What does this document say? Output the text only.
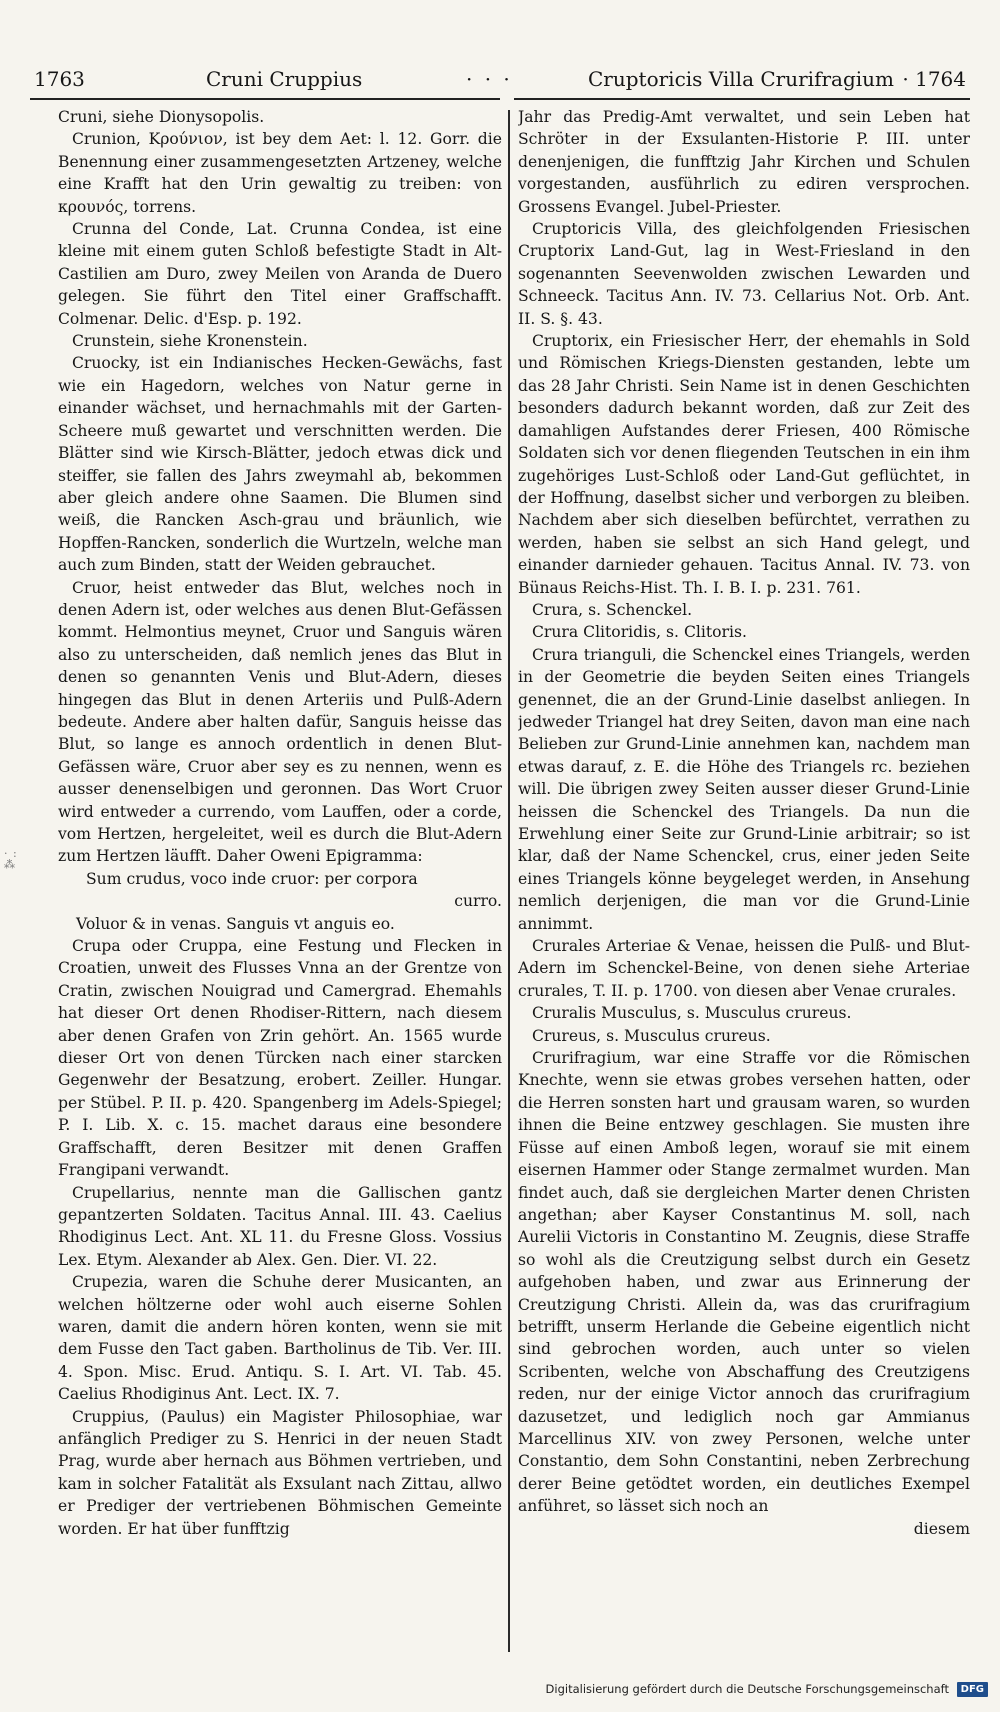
1763	Cruni Cruppius	· · ·	Cruptoricis Villa Crurifragium · 1764
· :
⁂

Cruni, siehe Dionysopolis.

Crunion, Κρούνιον, ist bey dem Aet: l. 12. Gorr. die Benennung einer zusammengesetzten Artzeney, welche eine Krafft hat den Urin gewaltig zu treiben: von κρουνός, torrens.

Crunna del Conde, Lat. Crunna Condea, ist eine kleine mit einem guten Schloß befestigte Stadt in Alt-Castilien am Duro, zwey Meilen von Aranda de Duero gelegen. Sie führt den Titel einer Graffschafft. Colmenar. Delic. d'Esp. p. 192.

Crunstein, siehe Kronenstein.

Cruocky, ist ein Indianisches Hecken-Gewächs, fast wie ein Hagedorn, welches von Natur gerne in einander wächset, und hernachmahls mit der Garten-Scheere muß gewartet und verschnitten werden. Die Blätter sind wie Kirsch-Blätter, jedoch etwas dick und steiffer, sie fallen des Jahrs zweymahl ab, bekommen aber gleich andere ohne Saamen. Die Blumen sind weiß, die Rancken Asch-grau und bräunlich, wie Hopffen-Rancken, sonderlich die Wurtzeln, welche man auch zum Binden, statt der Weiden gebrauchet.

Cruor, heist entweder das Blut, welches noch in denen Adern ist, oder welches aus denen Blut-Gefässen kommt. Helmontius meynet, Cruor und Sanguis wären also zu unterscheiden, daß nemlich jenes das Blut in denen so genannten Venis und Blut-Adern, dieses hingegen das Blut in denen Arteriis und Pulß-Adern bedeute. Andere aber halten dafür, Sanguis heisse das Blut, so lange es annoch ordentlich in denen Blut-Gefässen wäre, Cruor aber sey es zu nennen, wenn es ausser denenselbigen und geronnen. Das Wort Cruor wird entweder a currendo, vom Lauffen, oder a corde, vom Hertzen, hergeleitet, weil es durch die Blut-Adern zum Hertzen läufft. Daher Oweni Epigramma:

Sum crudus, voco inde cruor: per corpora

curro.

Voluor & in venas. Sanguis vt anguis eo.

Crupa oder Cruppa, eine Festung und Flecken in Croatien, unweit des Flusses Vnna an der Grentze von Cratin, zwischen Nouigrad und Camergrad. Ehemahls hat dieser Ort denen Rhodiser-Rittern, nach diesem aber denen Grafen von Zrin gehört. An. 1565 wurde dieser Ort von denen Türcken nach einer starcken Gegenwehr der Besatzung, erobert. Zeiller. Hungar. per Stübel. P. II. p. 420. Spangenberg im Adels-Spiegel; P. I. Lib. X. c. 15. machet daraus eine besondere Graffschafft, deren Besitzer mit denen Graffen Frangipani verwandt.

Crupellarius, nennte man die Gallischen gantz gepantzerten Soldaten. Tacitus Annal. III. 43. Caelius Rhodiginus Lect. Ant. XL 11. du Fresne Gloss. Vossius Lex. Etym. Alexander ab Alex. Gen. Dier. VI. 22.

Crupezia, waren die Schuhe derer Musicanten, an welchen höltzerne oder wohl auch eiserne Sohlen waren, damit die andern hören konten, wenn sie mit dem Fusse den Tact gaben. Bartholinus de Tib. Ver. III. 4. Spon. Misc. Erud. Antiqu. S. I. Art. VI. Tab. 45. Caelius Rhodiginus Ant. Lect. IX. 7.

Cruppius, (Paulus) ein Magister Philosophiae, war anfänglich Prediger zu S. Henrici in der neuen Stadt Prag, wurde aber hernach aus Böhmen vertrieben, und kam in solcher Fatalität als Exsulant nach Zittau, allwo er Prediger der vertriebenen Böhmischen Gemeinte worden. Er hat über funfftzig

Jahr das Predig-Amt verwaltet, und sein Leben hat Schröter in der Exsulanten-Historie P. III. unter denenjenigen, die funfftzig Jahr Kirchen und Schulen vorgestanden, ausführlich zu ediren versprochen. Grossens Evangel. Jubel-Priester.

Cruptoricis Villa, des gleichfolgenden Friesischen Cruptorix Land-Gut, lag in West-Friesland in den sogenannten Seevenwolden zwischen Lewarden und Schneeck. Tacitus Ann. IV. 73. Cellarius Not. Orb. Ant. II. S. §. 43.

Cruptorix, ein Friesischer Herr, der ehemahls in Sold und Römischen Kriegs-Diensten gestanden, lebte um das 28 Jahr Christi. Sein Name ist in denen Geschichten besonders dadurch bekannt worden, daß zur Zeit des damahligen Aufstandes derer Friesen, 400 Römische Soldaten sich vor denen fliegenden Teutschen in ein ihm zugehöriges Lust-Schloß oder Land-Gut geflüchtet, in der Hoffnung, daselbst sicher und verborgen zu bleiben. Nachdem aber sich dieselben befürchtet, verrathen zu werden, haben sie selbst an sich Hand gelegt, und einander darnieder gehauen. Tacitus Annal. IV. 73. von Bünaus Reichs-Hist. Th. I. B. I. p. 231. 761.

Crura, s. Schenckel.

Crura Clitoridis, s. Clitoris.

Crura trianguli, die Schenckel eines Triangels, werden in der Geometrie die beyden Seiten eines Triangels genennet, die an der Grund-Linie daselbst anliegen. In jedweder Triangel hat drey Seiten, davon man eine nach Belieben zur Grund-Linie annehmen kan, nachdem man etwas darauf, z. E. die Höhe des Triangels rc. beziehen will. Die übrigen zwey Seiten ausser dieser Grund-Linie heissen die Schenckel des Triangels. Da nun die Erwehlung einer Seite zur Grund-Linie arbitrair; so ist klar, daß der Name Schenckel, crus, einer jeden Seite eines Triangels könne beygeleget werden, in Ansehung nemlich derjenigen, die man vor die Grund-Linie annimmt.

Crurales Arteriae & Venae, heissen die Pulß- und Blut-Adern im Schenckel-Beine, von denen siehe Arteriae crurales, T. II. p. 1700. von diesen aber Venae crurales.

Cruralis Musculus, s. Musculus crureus.

Crureus, s. Musculus crureus.

Crurifragium, war eine Straffe vor die Römischen Knechte, wenn sie etwas grobes versehen hatten, oder die Herren sonsten hart und grausam waren, so wurden ihnen die Beine entzwey geschlagen. Sie musten ihre Füsse auf einen Amboß legen, worauf sie mit einem eisernen Hammer oder Stange zermalmet wurden. Man findet auch, daß sie dergleichen Marter denen Christen angethan; aber Kayser Constantinus M. soll, nach Aurelii Victoris in Constantino M. Zeugnis, diese Straffe so wohl als die Creutzigung selbst durch ein Gesetz aufgehoben haben, und zwar aus Erinnerung der Creutzigung Christi. Allein da, was das crurifragium betrifft, unserm Herlande die Gebeine eigentlich nicht sind gebrochen worden, auch unter so vielen Scribenten, welche von Abschaffung des Creutzigens reden, nur der einige Victor annoch das crurifragium dazusetzet, und lediglich noch gar Ammianus Marcellinus XIV. von zwey Personen, welche unter Constantio, dem Sohn Constantini, neben Zerbrechung derer Beine getödtet worden, ein deutliches Exempel anführet, so lässet sich noch an

diesem

Digitalisierung gefördert durch die Deutsche Forschungsgemeinschaft DFG
